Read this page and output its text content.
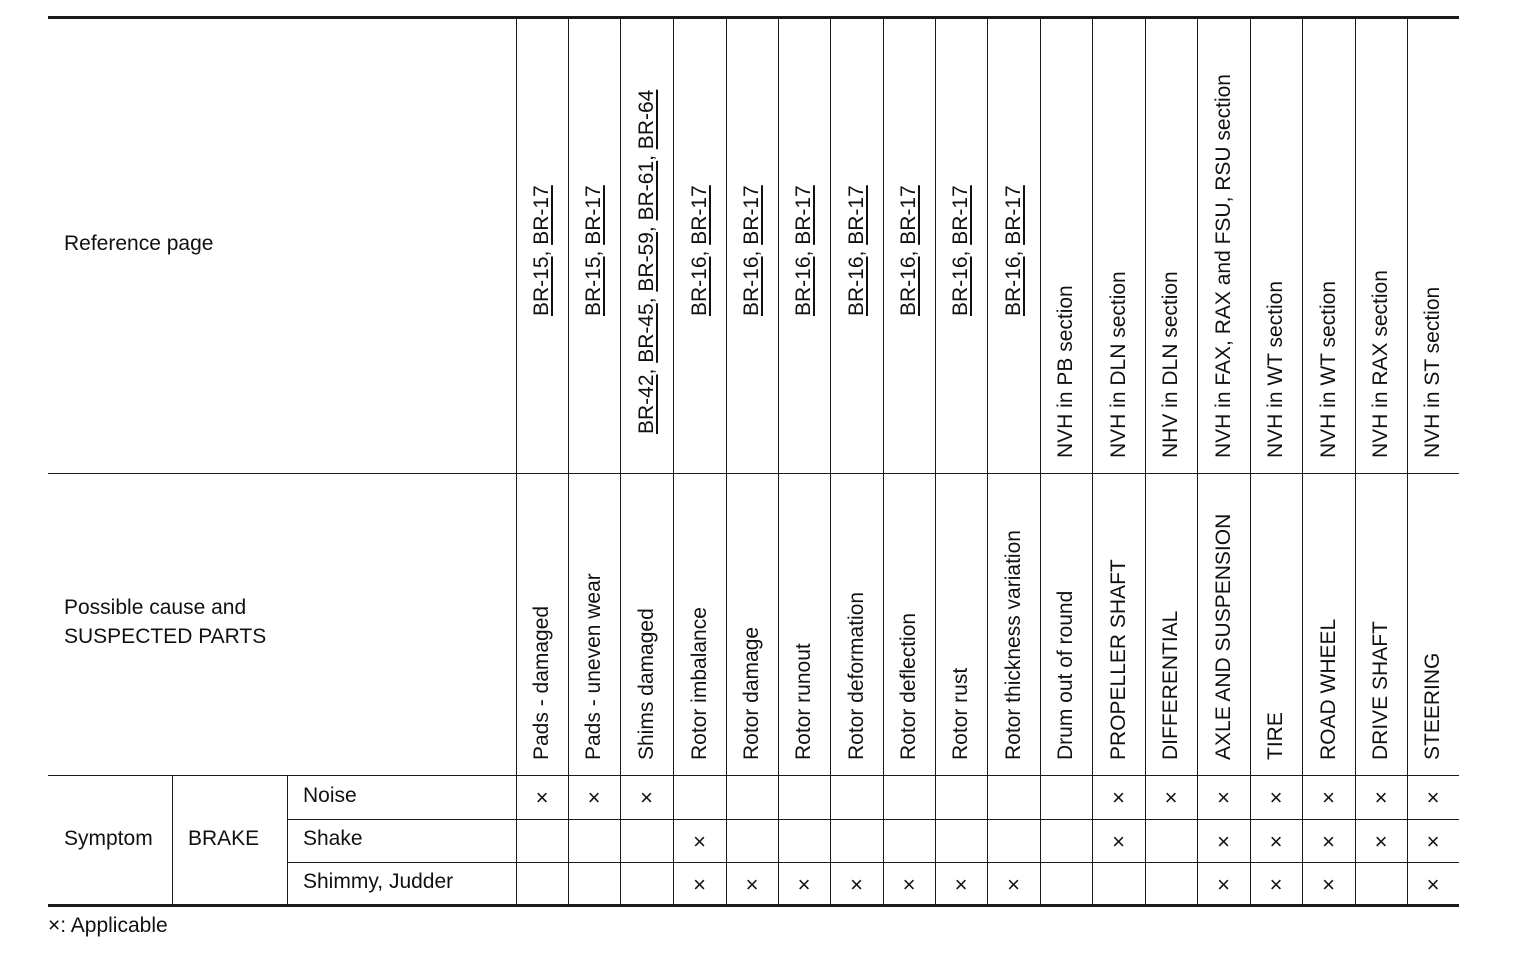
Pads - damaged
BR-15, BR-17
×
Pads - uneven wear
BR-15, BR-17
×
Shims damaged
BR-42, BR-45, BR-59, BR-61, BR-64
×
Rotor imbalance
BR-16, BR-17
×
×
Rotor damage
BR-16, BR-17
×
Rotor runout
BR-16, BR-17
×
Rotor deformation
BR-16, BR-17
×
Rotor deflection
BR-16, BR-17
×
Rotor rust
BR-16, BR-17
×
Rotor thickness variation
BR-16, BR-17
×
Drum out of round
NVH in PB section
PROPELLER SHAFT
NVH in DLN section
×
×
DIFFERENTIAL
NHV in DLN section
×
AXLE AND SUSPENSION
NVH in FAX, RAX and FSU, RSU section
×
×
×
TIRE
NVH in WT section
×
×
×
ROAD WHEEL
NVH in WT section
×
×
×
DRIVE SHAFT
NVH in RAX section
×
×
STEERING
NVH in ST section
×
×
×
Reference page
Possible cause and
SUSPECTED PARTS
Symptom BRAKE
Noise
Shake
Shimmy, Judder
×: Applicable
